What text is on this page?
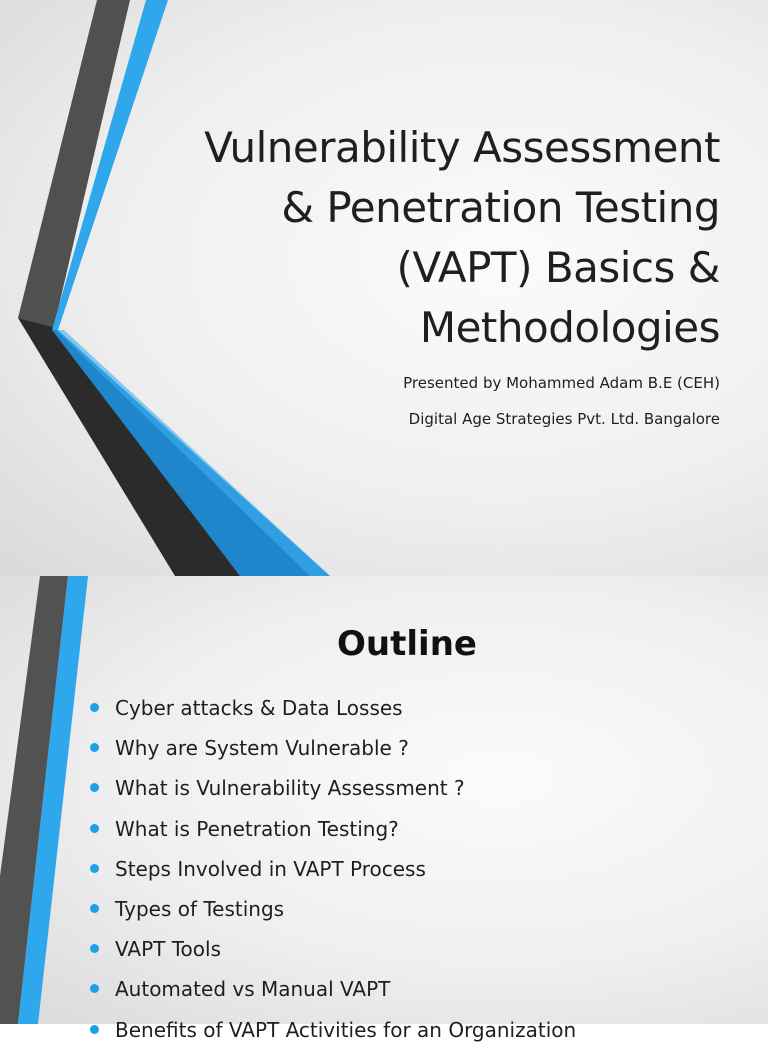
Vulnerability Assessment
& Penetration Testing
(VAPT) Basics &
Methodologies

Presented by Mohammed Adam B.E (CEH)

Digital Age Strategies Pvt. Ltd. Bangalore

Outline
Cyber attacks & Data Losses
Why are System Vulnerable ?
What is Vulnerability Assessment ?
What is Penetration Testing?
Steps Involved in VAPT Process
Types of Testings
VAPT Tools
Automated vs Manual VAPT
Benefits of VAPT Activities for an Organization
